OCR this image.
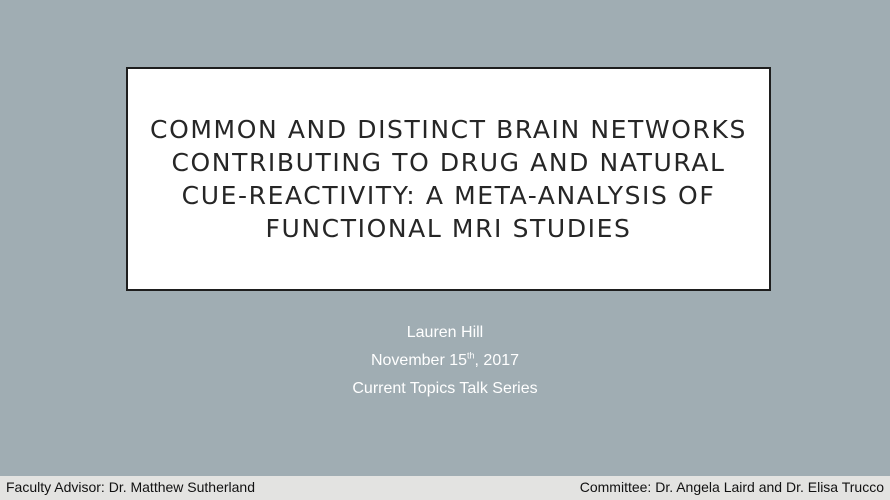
COMMON AND DISTINCT BRAIN NETWORKS CONTRIBUTING TO DRUG AND NATURAL CUE-REACTIVITY: A META-ANALYSIS OF FUNCTIONAL MRI STUDIES
Lauren Hill
November 15th, 2017
Current Topics Talk Series
Faculty Advisor: Dr. Matthew Sutherland	Committee: Dr. Angela Laird and Dr. Elisa Trucco
